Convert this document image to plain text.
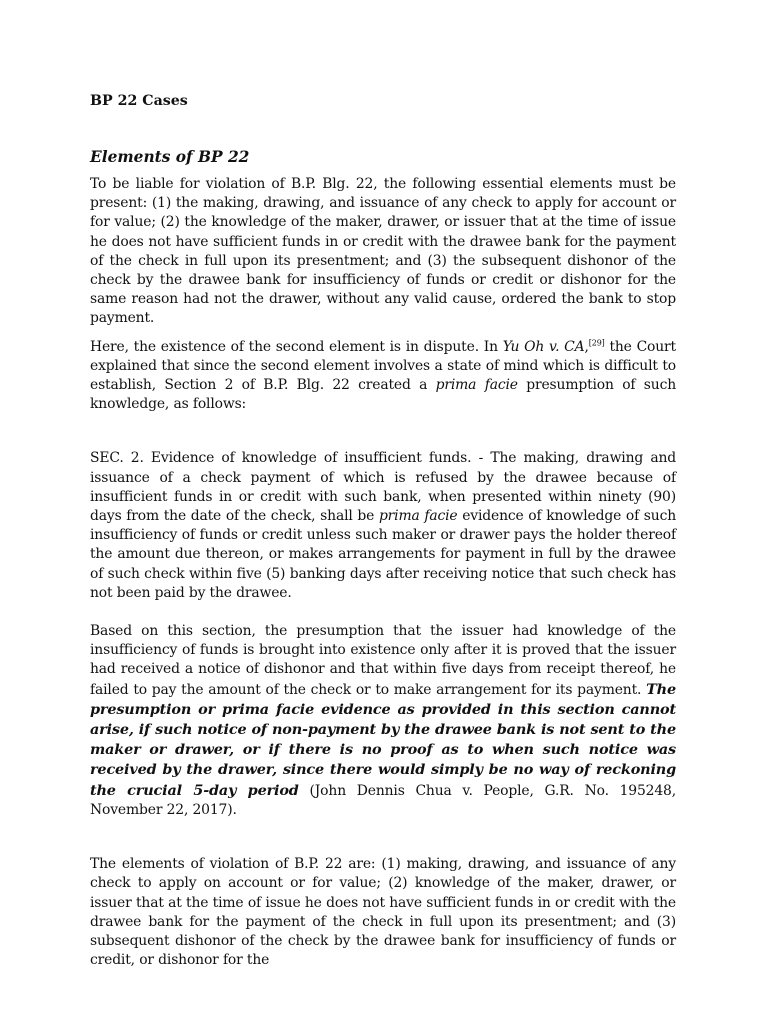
BP 22 Cases
Elements of BP 22

To be liable for violation of B.P. Blg. 22, the following essential elements must be present: (1) the making, drawing, and issuance of any check to apply for account or for value; (2) the knowledge of the maker, drawer, or issuer that at the time of issue he does not have sufficient funds in or credit with the drawee bank for the payment of the check in full upon its presentment; and (3) the subsequent dishonor of the check by the drawee bank for insufficiency of funds or credit or dishonor for the same reason had not the drawer, without any valid cause, ordered the bank to stop payment.

Here, the existence of the second element is in dispute. In Yu Oh v. CA,[29] the Court explained that since the second element involves a state of mind which is difficult to establish, Section 2 of B.P. Blg. 22 created a prima facie presumption of such knowledge, as follows:

SEC. 2. Evidence of knowledge of insufficient funds. - The making, drawing and issuance of a check payment of which is refused by the drawee because of insufficient funds in or credit with such bank, when presented within ninety (90) days from the date of the check, shall be prima facie evidence of knowledge of such insufficiency of funds or credit unless such maker or drawer pays the holder thereof the amount due thereon, or makes arrangements for payment in full by the drawee of such check within five (5) banking days after receiving notice that such check has not been paid by the drawee.

Based on this section, the presumption that the issuer had knowledge of the insufficiency of funds is brought into existence only after it is proved that the issuer had received a notice of dishonor and that within five days from receipt thereof, he failed to pay the amount of the check or to make arrangement for its payment. The presumption or prima facie evidence as provided in this section cannot arise, if such notice of non-payment by the drawee bank is not sent to the maker or drawer, or if there is no proof as to when such notice was received by the drawer, since there would simply be no way of reckoning the crucial 5-day period (John Dennis Chua v. People, G.R. No. 195248, November 22, 2017).

The elements of violation of B.P. 22 are: (1) making, drawing, and issuance of any check to apply on account or for value; (2) knowledge of the maker, drawer, or issuer that at the time of issue he does not have sufficient funds in or credit with the drawee bank for the payment of the check in full upon its presentment; and (3) subsequent dishonor of the check by the drawee bank for insufficiency of funds or credit, or dishonor for the
